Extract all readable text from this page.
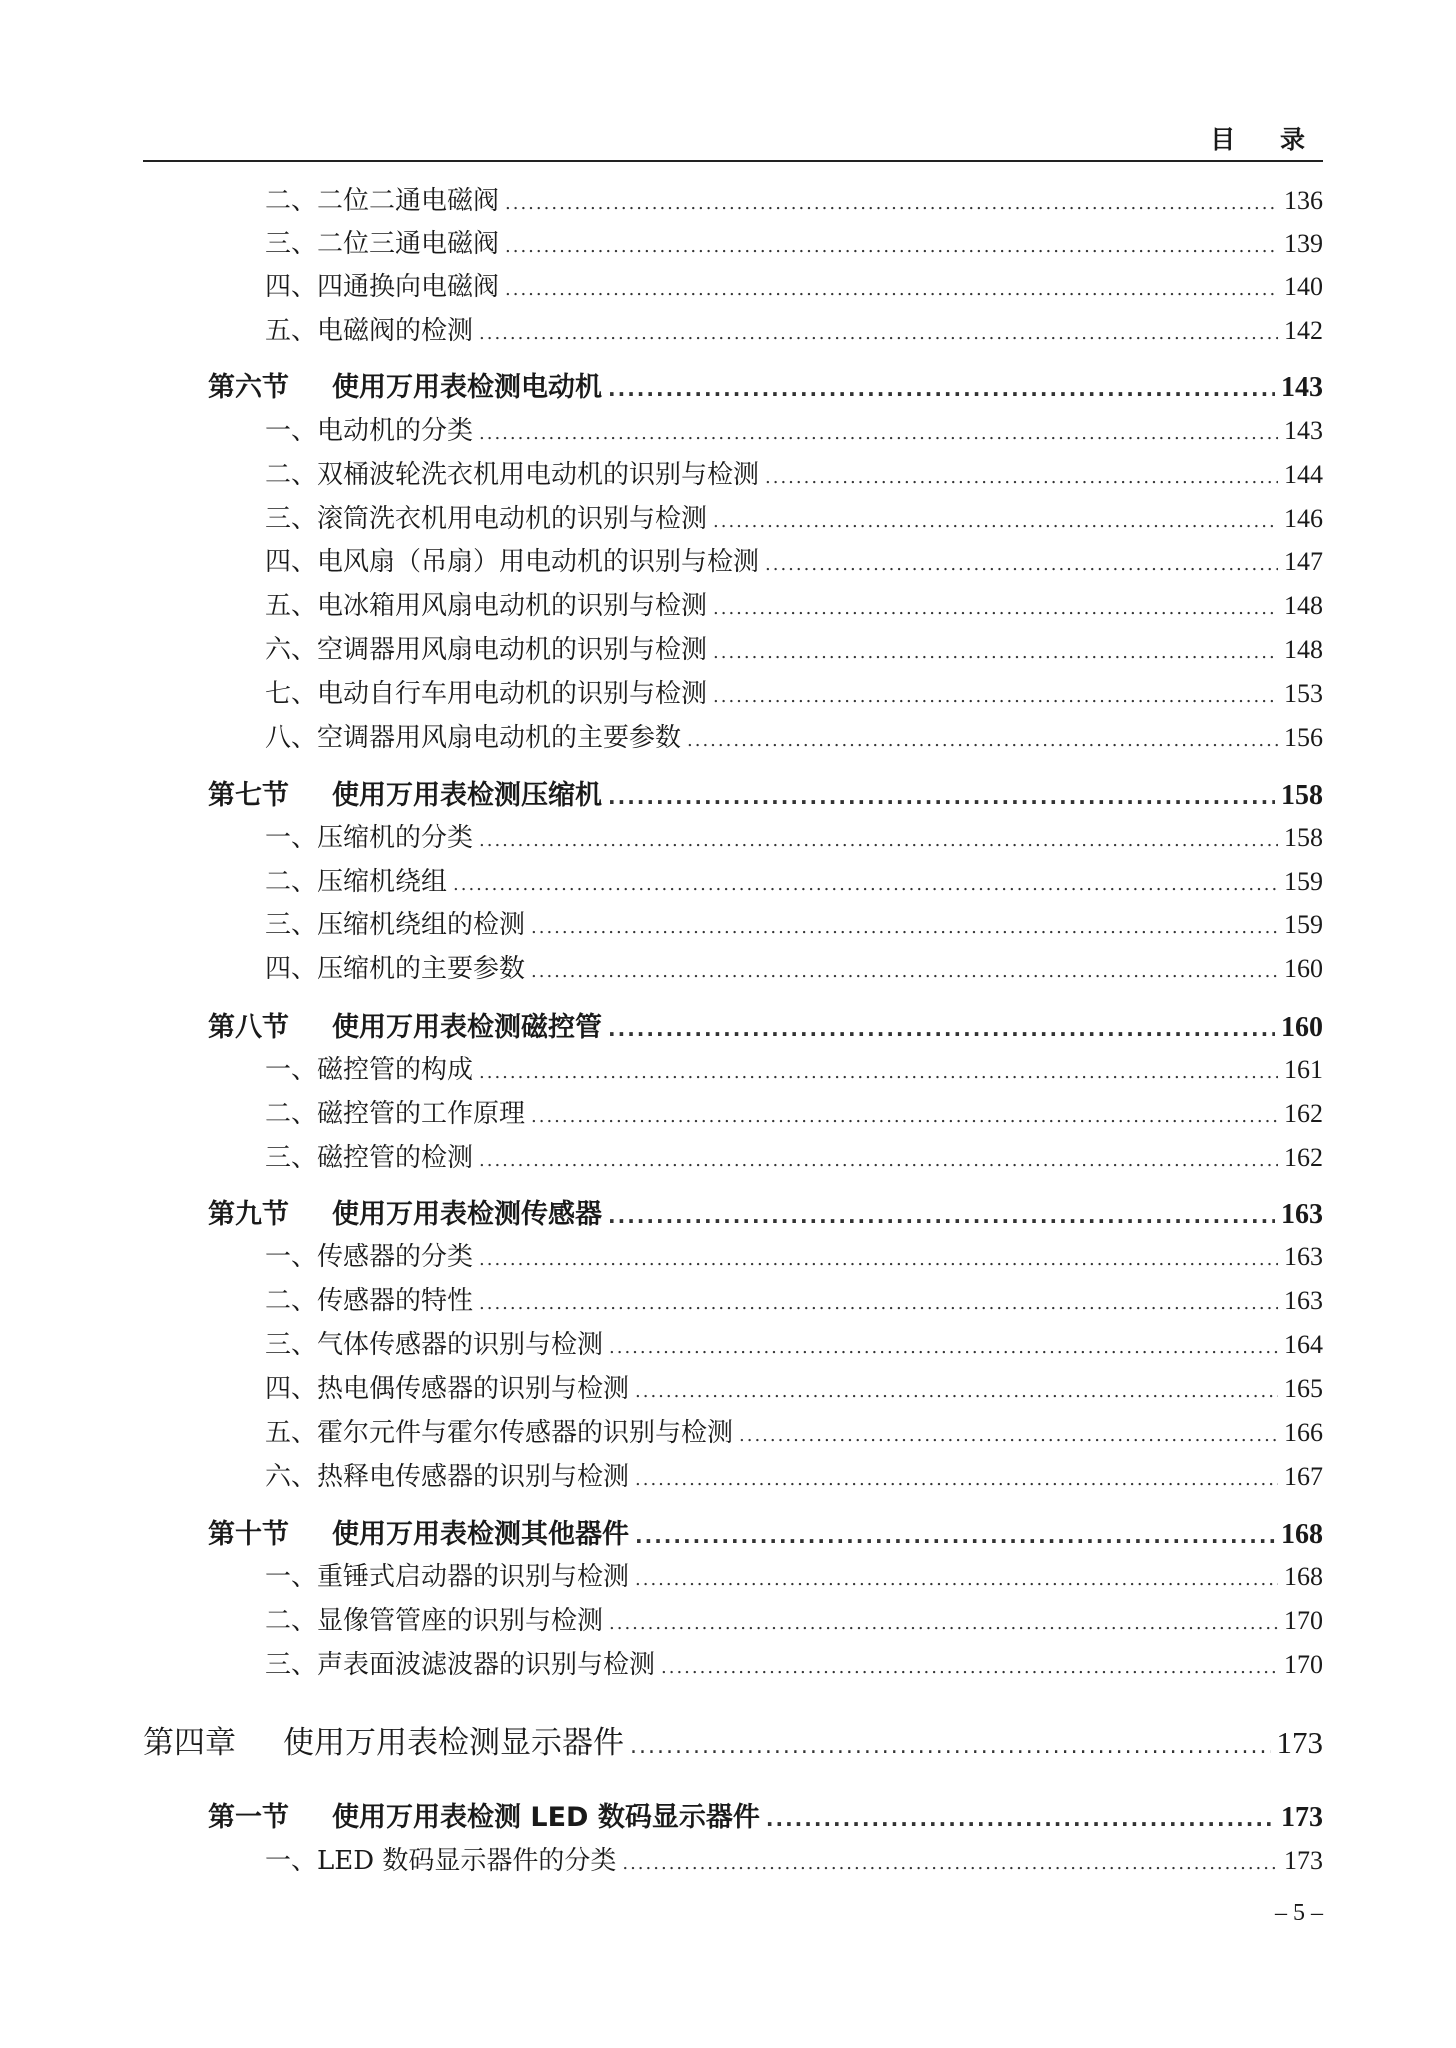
目 录
二、二位二通电磁阀 .....	136
三、二位三通电磁阀 .....	139
四、四通换向电磁阀 .....	140
五、电磁阀的检测 .....	142
第六节	使用万用表检测电动机 .....	143
一、电动机的分类 .....	143
二、双桶波轮洗衣机用电动机的识别与检测 .....	144
三、滚筒洗衣机用电动机的识别与检测 .....	146
四、电风扇（吊扇）用电动机的识别与检测 .....	147
五、电冰箱用风扇电动机的识别与检测 .....	148
六、空调器用风扇电动机的识别与检测 .....	148
七、电动自行车用电动机的识别与检测 .....	153
八、空调器用风扇电动机的主要参数 .....	156
第七节	使用万用表检测压缩机 .....	158
一、压缩机的分类 .....	158
二、压缩机绕组 .....	159
三、压缩机绕组的检测 .....	159
四、压缩机的主要参数 .....	160
第八节	使用万用表检测磁控管 .....	160
一、磁控管的构成 .....	161
二、磁控管的工作原理 .....	162
三、磁控管的检测 .....	162
第九节	使用万用表检测传感器 .....	163
一、传感器的分类 .....	163
二、传感器的特性 .....	163
三、气体传感器的识别与检测 .....	164
四、热电偶传感器的识别与检测 .....	165
五、霍尔元件与霍尔传感器的识别与检测 .....	166
六、热释电传感器的识别与检测 .....	167
第十节	使用万用表检测其他器件 .....	168
一、重锤式启动器的识别与检测 .....	168
二、显像管管座的识别与检测 .....	170
三、声表面波滤波器的识别与检测 .....	170
第四章	使用万用表检测显示器件 .....	173
第一节	使用万用表检测 LED 数码显示器件 .....	173
一、LED 数码显示器件的分类 .....	173
– 5 –
